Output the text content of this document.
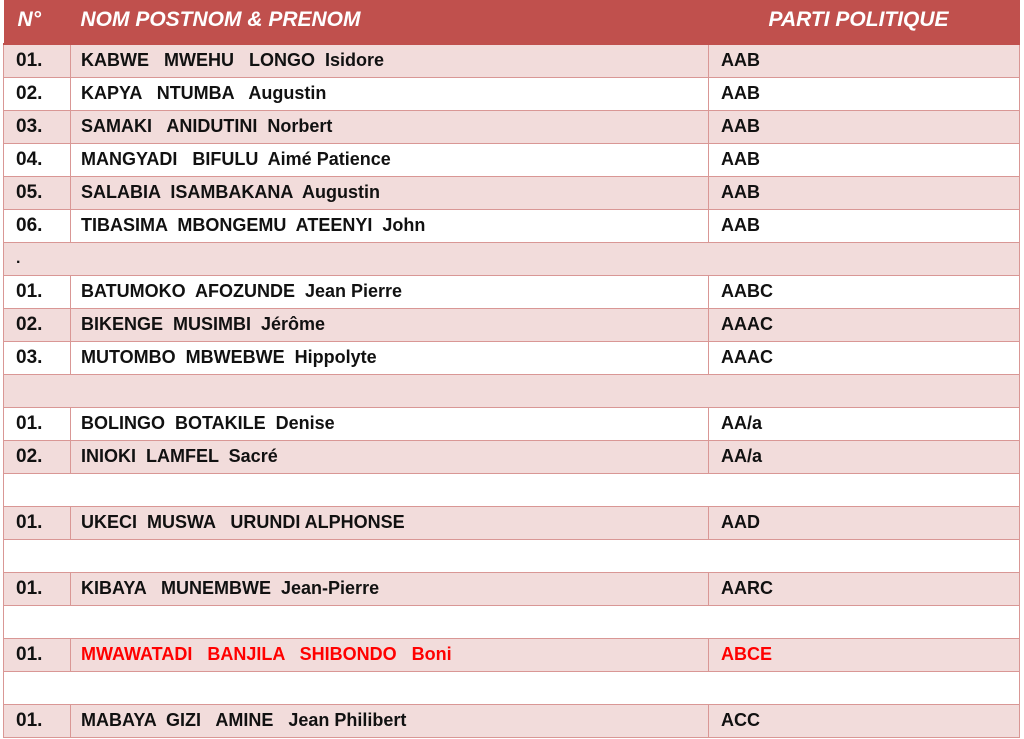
N°	NOM POSTNOM & PRENOM	PARTI POLITIQUE
01.	KABWE   MWEHU   LONGO  Isidore	AAB
02.	KAPYA   NTUMBA   Augustin	AAB
03.	SAMAKI   ANIDUTINI  Norbert	AAB
04.	MANGYADI   BIFULU  Aimé Patience	AAB
05.	SALABIA  ISAMBAKANA  Augustin	AAB
06.	TIBASIMA  MBONGEMU  ATEENYI  John	AAB
.		
01.	BATUMOKO  AFOZUNDE  Jean Pierre	AABC
02.	BIKENGE  MUSIMBI  Jérôme	AAAC
03.	MUTOMBO  MBWEBWE  Hippolyte	AAAC

01.	BOLINGO  BOTAKILE  Denise	AA/a
02.	INIOKI  LAMFEL  Sacré	AA/a

01.	UKECI  MUSWA   URUNDI ALPHONSE	AAD

01.	KIBAYA   MUNEMBWE  Jean-Pierre	AARC

01.	MWAWATADI   BANJILA   SHIBONDO   Boni	ABCE

01.	MABAYA  GIZI   AMINE   Jean Philibert	ACC
